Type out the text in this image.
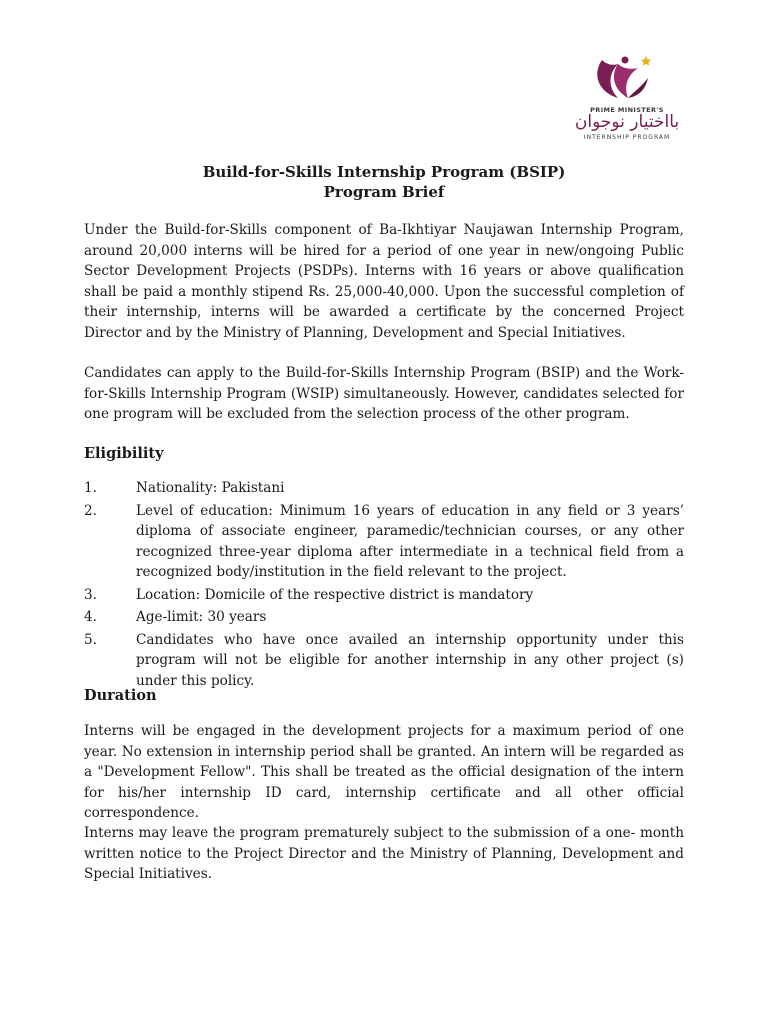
PRIME MINISTER'S
بااختیار نوجوان
INTERNSHIP PROGRAM
Build-for-Skills Internship Program (BSIP)
Program Brief

Under the Build-for-Skills component of Ba-Ikhtiyar Naujawan Internship Program, around 20,000 interns will be hired for a period of one year in new/ongoing Public Sector Development Projects (PSDPs). Interns with 16 years or above qualification shall be paid a monthly stipend Rs. 25,000-40,000. Upon the successful completion of their internship, interns will be awarded a certificate by the concerned Project Director and by the Ministry of Planning, Development and Special Initiatives.

Candidates can apply to the Build-for-Skills Internship Program (BSIP) and the Work-for-Skills Internship Program (WSIP) simultaneously. However, candidates selected for one program will be excluded from the selection process of the other program.

Eligibility
1.	Nationality: Pakistani
2.	Level of education: Minimum 16 years of education in any field or 3 years’ diploma of associate engineer, paramedic/technician courses, or any other recognized three-year diploma after intermediate in a technical field from a recognized body/institution in the field relevant to the project.
3.	Location: Domicile of the respective district is mandatory
4.	Age-limit: 30 years
5.	Candidates who have once availed an internship opportunity under this program will not be eligible for another internship in any other project (s) under this policy.
Duration

Interns will be engaged in the development projects for a maximum period of one year. No extension in internship period shall be granted. An intern will be regarded as a "Development Fellow". This shall be treated as the official designation of the intern for his/her internship ID card, internship certificate and all other official correspondence.

Interns may leave the program prematurely subject to the submission of a one- month written notice to the Project Director and the Ministry of Planning, Development and Special Initiatives.
